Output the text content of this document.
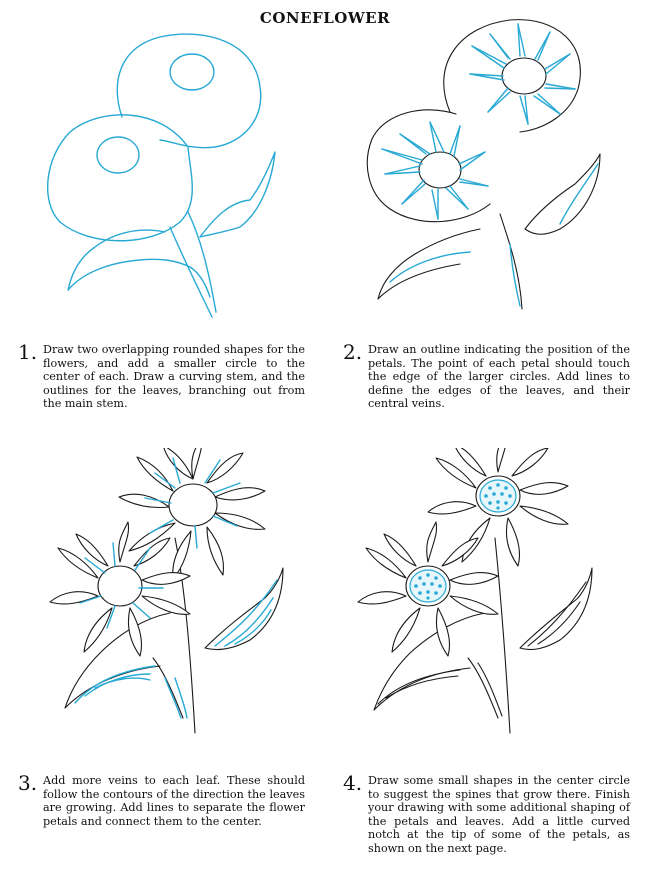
CONEFLOWER
1. Draw two overlapping rounded shapes for the flowers, and add a smaller circle to the center of each. Draw a curving stem, and the outlines for the leaves, branching out from the main stem.
2. Draw an outline indicating the position of the petals. The point of each petal should touch the edge of the larger circles. Add lines to define the edges of the leaves, and their central veins.
3. Add more veins to each leaf. These should follow the contours of the direction the leaves are growing. Add lines to separate the flower petals and connect them to the center.
4. Draw some small shapes in the center circle to suggest the spines that grow there. Finish your drawing with some additional shaping of the petals and leaves. Add a little curved notch at the tip of some of the petals, as shown on the next page.
